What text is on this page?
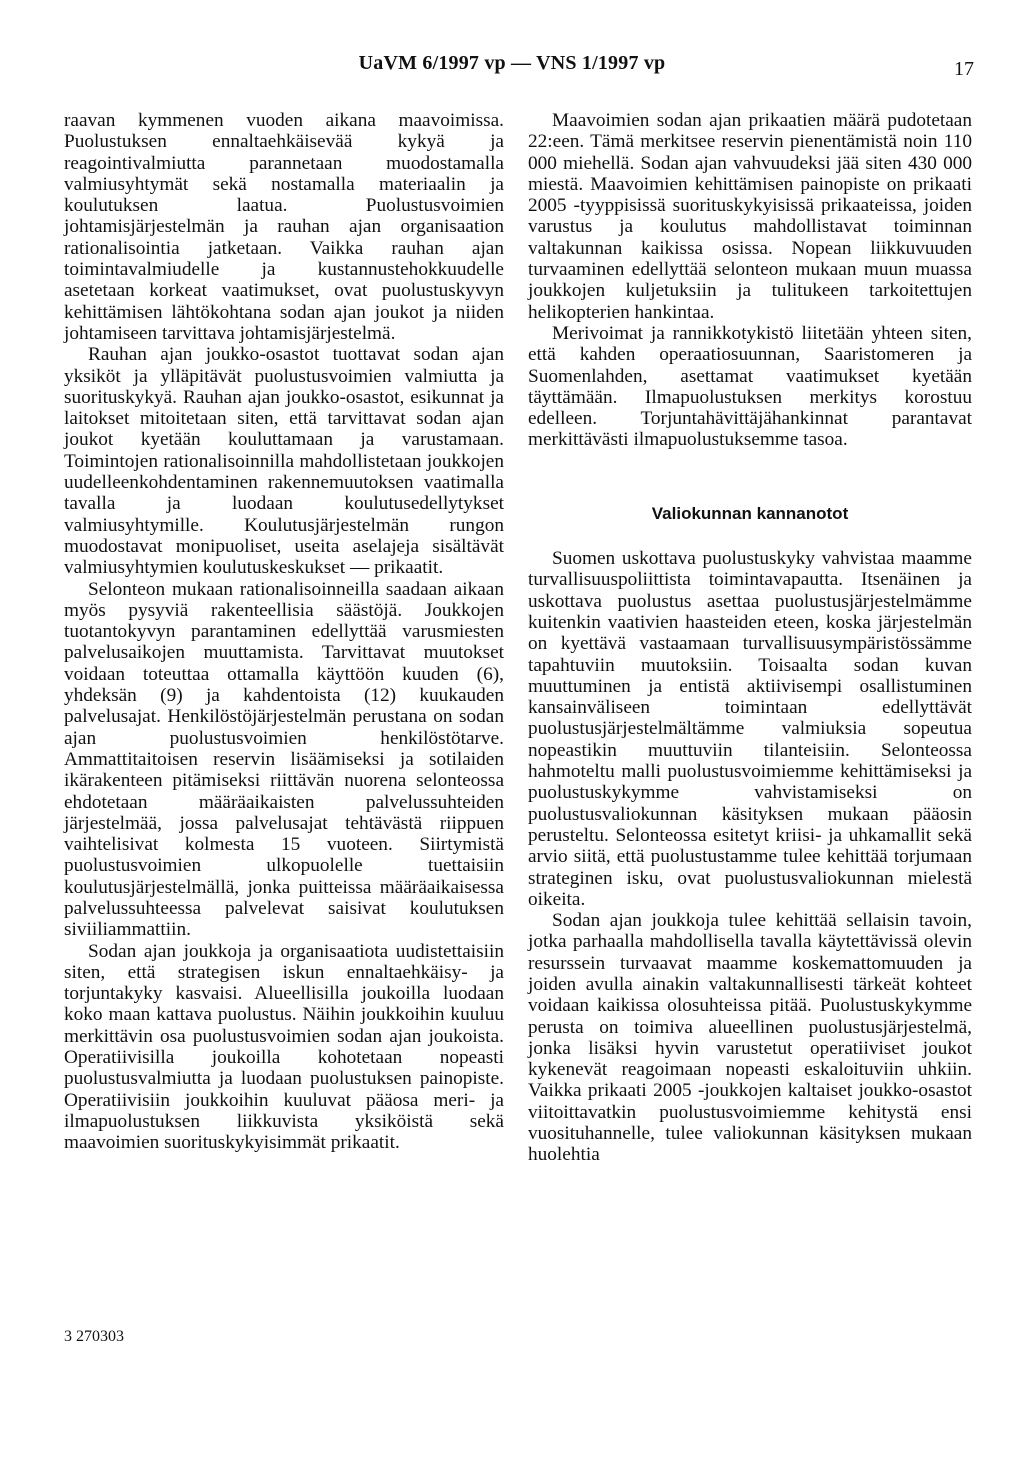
UaVM 6/1997 vp — VNS 1/1997 vp	17

raavan kymmenen vuoden aikana maavoimissa. Puolustuksen ennaltaehkäisevää kykyä ja reagointivalmiutta parannetaan muodostamalla valmiusyhtymät sekä nostamalla materiaalin ja koulutuksen laatua. Puolustusvoimien johtamisjärjestelmän ja rauhan ajan organisaation rationalisointia jatketaan. Vaikka rauhan ajan toimintavalmiudelle ja kustannustehokkuudelle asetetaan korkeat vaatimukset, ovat puolustuskyvyn kehittämisen lähtökohtana sodan ajan joukot ja niiden johtamiseen tarvittava johtamisjärjestelmä.

Rauhan ajan joukko-osastot tuottavat sodan ajan yksiköt ja ylläpitävät puolustusvoimien valmiutta ja suorituskykyä. Rauhan ajan joukko-osastot, esikunnat ja laitokset mitoitetaan siten, että tarvittavat sodan ajan joukot kyetään kouluttamaan ja varustamaan. Toimintojen rationalisoinnilla mahdollistetaan joukkojen uudelleenkohdentaminen rakennemuutoksen vaatimalla tavalla ja luodaan koulutusedellytykset valmiusyhtymille. Koulutusjärjestelmän rungon muodostavat monipuoliset, useita aselajeja sisältävät valmiusyhtymien koulutuskeskukset — prikaatit.

Selonteon mukaan rationalisoinneilla saadaan aikaan myös pysyviä rakenteellisia säästöjä. Joukkojen tuotantokyvyn parantaminen edellyttää varusmiesten palvelusaikojen muuttamista. Tarvittavat muutokset voidaan toteuttaa ottamalla käyttöön kuuden (6), yhdeksän (9) ja kahdentoista (12) kuukauden palvelusajat. Henkilöstöjärjestelmän perustana on sodan ajan puolustusvoimien henkilöstötarve. Ammattitaitoisen reservin lisäämiseksi ja sotilaiden ikärakenteen pitämiseksi riittävän nuorena selonteossa ehdotetaan määräaikaisten palvelussuhteiden järjestelmää, jossa palvelusajat tehtävästä riippuen vaihtelisivat kolmesta 15 vuoteen. Siirtymistä puolustusvoimien ulkopuolelle tuettaisiin koulutusjärjestelmällä, jonka puitteissa määräaikaisessa palvelussuhteessa palvelevat saisivat koulutuksen siviiliammattiin.

Sodan ajan joukkoja ja organisaatiota uudistettaisiin siten, että strategisen iskun ennaltaehkäisy- ja torjuntakyky kasvaisi. Alueellisilla joukoilla luodaan koko maan kattava puolustus. Näihin joukkoihin kuuluu merkittävin osa puolustusvoimien sodan ajan joukoista. Operatiivisilla joukoilla kohotetaan nopeasti puolustusvalmiutta ja luodaan puolustuksen painopiste. Operatiivisiin joukkoihin kuuluvat pääosa meri- ja ilmapuolustuksen liikkuvista yksiköistä sekä maavoimien suorituskykyisimmät prikaatit.

Maavoimien sodan ajan prikaatien määrä pudotetaan 22:een. Tämä merkitsee reservin pienentämistä noin 110 000 miehellä. Sodan ajan vahvuudeksi jää siten 430 000 miestä. Maavoimien kehittämisen painopiste on prikaati 2005 -tyyppisissä suorituskykyisissä prikaateissa, joiden varustus ja koulutus mahdollistavat toiminnan valtakunnan kaikissa osissa. Nopean liikkuvuuden turvaaminen edellyttää selonteon mukaan muun muassa joukkojen kuljetuksiin ja tulitukeen tarkoitettujen helikopterien hankintaa.

Merivoimat ja rannikkotykistö liitetään yhteen siten, että kahden operaatiosuunnan, Saaristomeren ja Suomenlahden, asettamat vaatimukset kyetään täyttämään. Ilmapuolustuksen merkitys korostuu edelleen. Torjuntahävittäjähankinnat parantavat merkittävästi ilmapuolustuksemme tasoa.

Valiokunnan kannanotot

Suomen uskottava puolustuskyky vahvistaa maamme turvallisuuspoliittista toimintavapautta. Itsenäinen ja uskottava puolustus asettaa puolustusjärjestelmämme kuitenkin vaativien haasteiden eteen, koska järjestelmän on kyettävä vastaamaan turvallisuusympäristössämme tapahtuviin muutoksiin. Toisaalta sodan kuvan muuttuminen ja entistä aktiivisempi osallistuminen kansainväliseen toimintaan edellyttävät puolustusjärjestelmältämme valmiuksia sopeutua nopeastikin muuttuviin tilanteisiin. Selonteossa hahmoteltu malli puolustusvoimiemme kehittämiseksi ja puolustuskykymme vahvistamiseksi on puolustusvaliokunnan käsityksen mukaan pääosin perusteltu. Selonteossa esitetyt kriisi- ja uhkamallit sekä arvio siitä, että puolustustamme tulee kehittää torjumaan strateginen isku, ovat puolustusvaliokunnan mielestä oikeita.

Sodan ajan joukkoja tulee kehittää sellaisin tavoin, jotka parhaalla mahdollisella tavalla käytettävissä olevin resurssein turvaavat maamme koskemattomuuden ja joiden avulla ainakin valtakunnallisesti tärkeät kohteet voidaan kaikissa olosuhteissa pitää. Puolustuskykymme perusta on toimiva alueellinen puolustusjärjestelmä, jonka lisäksi hyvin varustetut operatiiviset joukot kykenevät reagoimaan nopeasti eskaloituviin uhkiin. Vaikka prikaati 2005 -joukkojen kaltaiset joukko-osastot viitoittavatkin puolustusvoimiemme kehitystä ensi vuosituhannelle, tulee valiokunnan käsityksen mukaan huolehtia

3 270303
